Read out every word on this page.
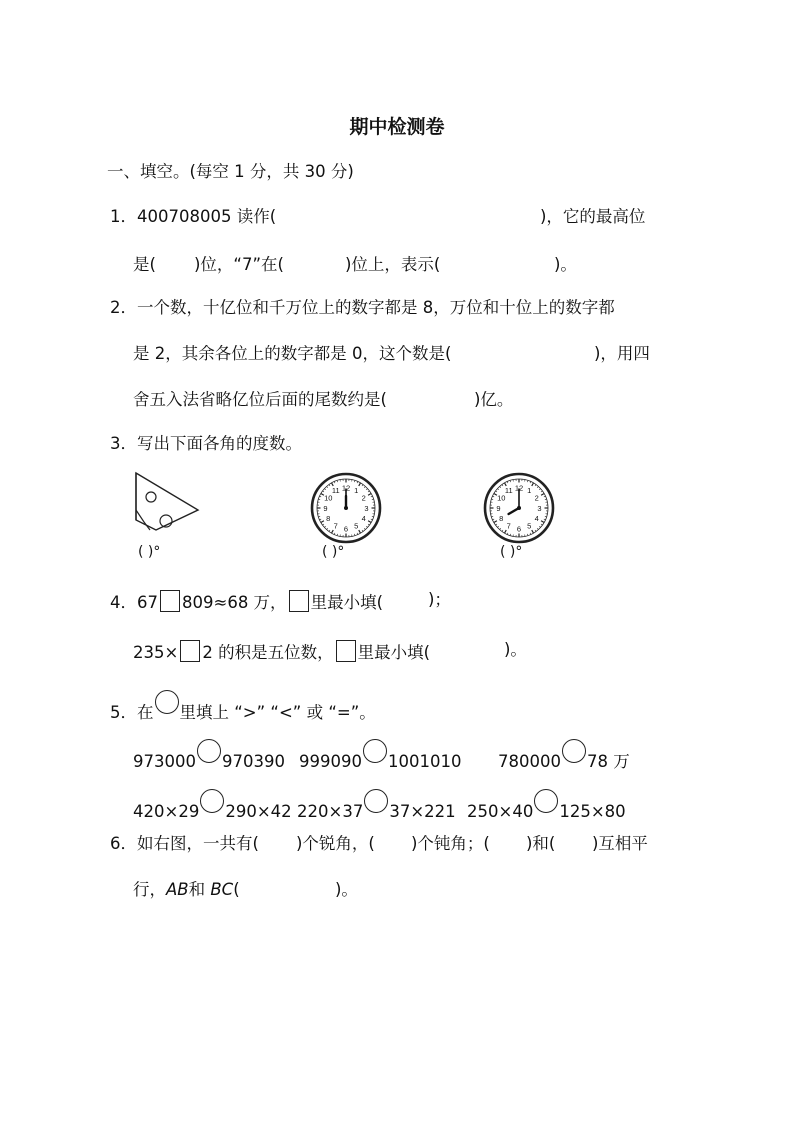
期中检测卷
一、填空。(每空 1 分，共 30 分)
1．400708005 读作(	)，它的最高位
是( )位，“7”在(	)位上，表示(	)。
2．一个数，十亿位和千万位上的数字都是 8，万位和十位上的数字都
是 2，其余各位上的数字都是 0，这个数是(	)，用四
舍五入法省略亿位后面的尾数约是(	)亿。
3．写出下面各角的度数。
12 1
2
3
4
5
6
7
8
9
10
11	12 1
2
3
4
5
6
7
8
9
10
11
( )°	( )°	( )°
4．67 809≈68 万， 里最小填(	)；
235× 2 的积是五位数， 里最小填(	)。
5．在 里填上 “>” “<” 或 “=”。
973000 970390 999090 1001010 780000 78 万
420×29 290×42 220×37 37×221 250×40 125×80
6．如右图，一共有( )个锐角，( )个钝角；( )和( )互相平
行，AB和 BC(	)。
